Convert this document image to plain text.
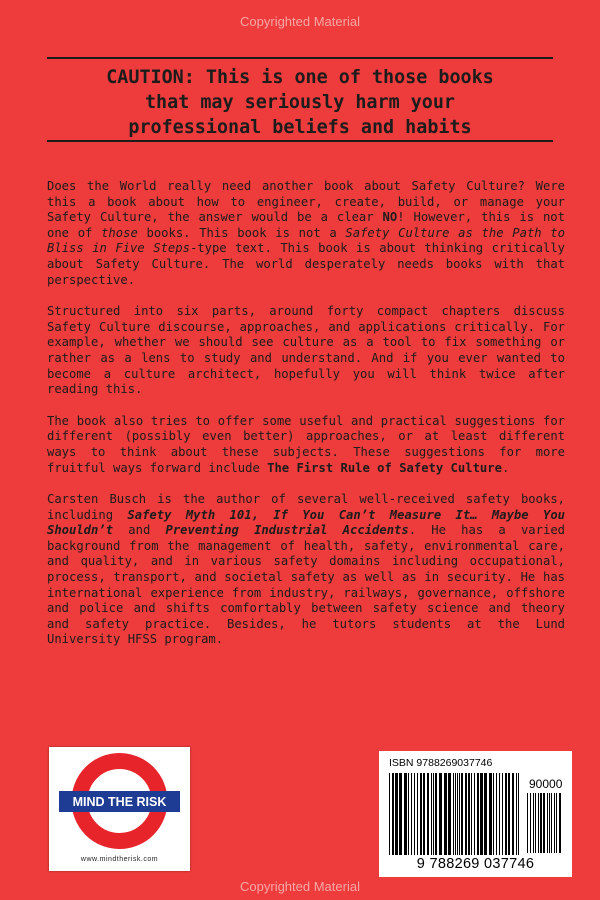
Copyrighted Material
CAUTION: This is one of those books
that may seriously harm your
professional beliefs and habits

Does the World really need another book about Safety Culture? Were this a book about how to engineer, create, build, or manage your Safety Culture, the answer would be a clear NO! However, this is not one of those books. This book is not a Safety Culture as the Path to Bliss in Five Steps-type text. This book is about thinking critically about Safety Culture. The world desperately needs books with that perspective.

Structured into six parts, around forty compact chapters discuss Safety Culture discourse, approaches, and applications critically. For example, whether we should see culture as a tool to fix something or rather as a lens to study and understand. And if you ever wanted to become a culture architect, hopefully you will think twice after reading this.

The book also tries to offer some useful and practical suggestions for different (possibly even better) approaches, or at least different ways to think about these subjects. These suggestions for more fruitful ways forward include The First Rule of Safety Culture.

Carsten Busch is the author of several well-received safety books, including Safety Myth 101, If You Can’t Measure It… Maybe You Shouldn’t and Preventing Industrial Accidents. He has a varied background from the management of health, safety, environmental care, and quality, and in various safety domains including occupational, process, transport, and societal safety as well as in security. He has international experience from industry, railways, governance, offshore and police and shifts comfortably between safety science and theory and safety practice. Besides, he tutors students at the Lund University HFSS program.

MIND THE RISK
www.mindtherisk.com
ISBN 9788269037746
90000
9 788269 037746
Copyrighted Material
